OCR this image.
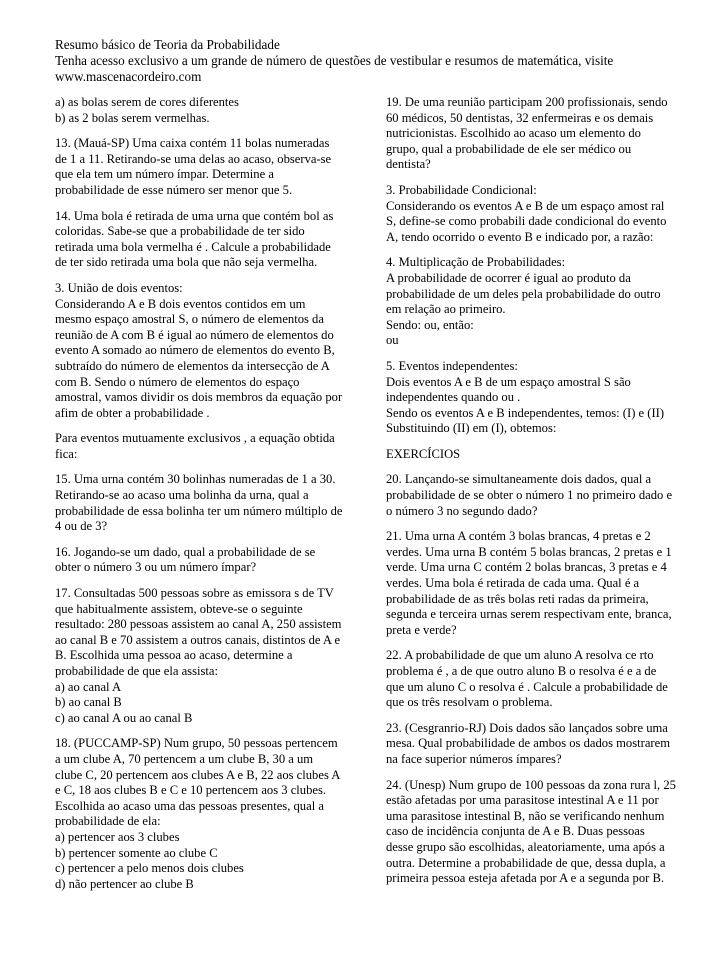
Resumo básico de Teoria da Probabilidade
Tenha acesso exclusivo a um grande de número de questões de vestibular e resumos de matemática, visite
www.mascenacordeiro.com
a) as bolas serem de cores diferentes
b) as 2 bolas serem vermelhas.
13. (Mauá-SP) Uma caixa contém 11 bolas numeradas
de 1 a 11. Retirando-se uma delas ao acaso, observa-se
que ela tem um número ímpar. Determine a
probabilidade de esse número ser menor que 5.
14. Uma bola é retirada de uma urna que contém bol as
coloridas. Sabe-se que a probabilidade de ter sido
retirada uma bola vermelha é . Calcule a probabilidade
de ter sido retirada uma bola que não seja vermelha.
3. União de dois eventos:
Considerando A e B dois eventos contidos em um
mesmo espaço amostral S, o número de elementos da
reunião de A com B é igual ao número de elementos do
evento A somado ao número de elementos do evento B,
subtraído do número de elementos da intersecção de A
com B. Sendo o número de elementos do espaço
amostral, vamos dividir os dois membros da equação por
afim de obter a probabilidade .
Para eventos mutuamente exclusivos , a equação obtida
fica:
15. Uma urna contém 30 bolinhas numeradas de 1 a 30.
Retirando-se ao acaso uma bolinha da urna, qual a
probabilidade de essa bolinha ter um número múltiplo de
4 ou de 3?
16. Jogando-se um dado, qual a probabilidade de se
obter o número 3 ou um número ímpar?
17. Consultadas 500 pessoas sobre as emissora s de TV
que habitualmente assistem, obteve-se o seguinte
resultado: 280 pessoas assistem ao canal A, 250 assistem
ao canal B e 70 assistem a outros canais, distintos de A e
B. Escolhida uma pessoa ao acaso, determine a
probabilidade de que ela assista:
a) ao canal A
b) ao canal B
c) ao canal A ou ao canal B
18. (PUCCAMP-SP) Num grupo, 50 pessoas pertencem
a um clube A, 70 pertencem a um clube B, 30 a um
clube C, 20 pertencem aos clubes A e B, 22 aos clubes A
e C, 18 aos clubes B e C e 10 pertencem aos 3 clubes.
Escolhida ao acaso uma das pessoas presentes, qual a
probabilidade de ela:
a) pertencer aos 3 clubes
b) pertencer somente ao clube C
c) pertencer a pelo menos dois clubes
d) não pertencer ao clube B
19. De uma reunião participam 200 profissionais, sendo
60 médicos, 50 dentistas, 32 enfermeiras e os demais
nutricionistas. Escolhido ao acaso um elemento do
grupo, qual a probabilidade de ele ser médico ou
dentista?
3. Probabilidade Condicional:
Considerando os eventos A e B de um espaço amost ral
S, define-se como probabili dade condicional do evento
A, tendo ocorrido o evento B e indicado por, a razão:
4. Multiplicação de Probabilidades:
A probabilidade de ocorrer é igual ao produto da
probabilidade de um deles pela probabilidade do outro
em relação ao primeiro.
Sendo: ou, então:
ou
5. Eventos independentes:
Dois eventos A e B de um espaço amostral S são
independentes quando ou .
Sendo os eventos A e B independentes, temos: (I) e (II)
Substituindo (II) em (I), obtemos:
EXERCÍCIOS
20. Lançando-se simultaneamente dois dados, qual a
probabilidade de se obter o número 1 no primeiro dado e
o número 3 no segundo dado?
21. Uma urna A contém 3 bolas brancas, 4 pretas e 2
verdes. Uma urna B contém 5 bolas brancas, 2 pretas e 1
verde. Uma urna C contém 2 bolas brancas, 3 pretas e 4
verdes. Uma bola é retirada de cada uma. Qual é a
probabilidade de as três bolas reti radas da primeira,
segunda e terceira urnas serem respectivam ente, branca,
preta e verde?
22. A probabilidade de que um aluno A resolva ce rto
problema é , a de que outro aluno B o resolva é e a de
que um aluno C o resolva é . Calcule a probabilidade de
que os três resolvam o problema.
23. (Cesgranrio-RJ) Dois dados são lançados sobre uma
mesa. Qual probabilidade de ambos os dados mostrarem
na face superior números ímpares?
24. (Unesp) Num grupo de 100 pessoas da zona rura l, 25
estão afetadas por uma parasitose intestinal A e 11 por
uma parasitose intestinal B, não se verificando nenhum
caso de incidência conjunta de A e B. Duas pessoas
desse grupo são escolhidas, aleatoriamente, uma após a
outra. Determine a probabilidade de que, dessa dupla, a
primeira pessoa esteja afetada por A e a segunda por B.
